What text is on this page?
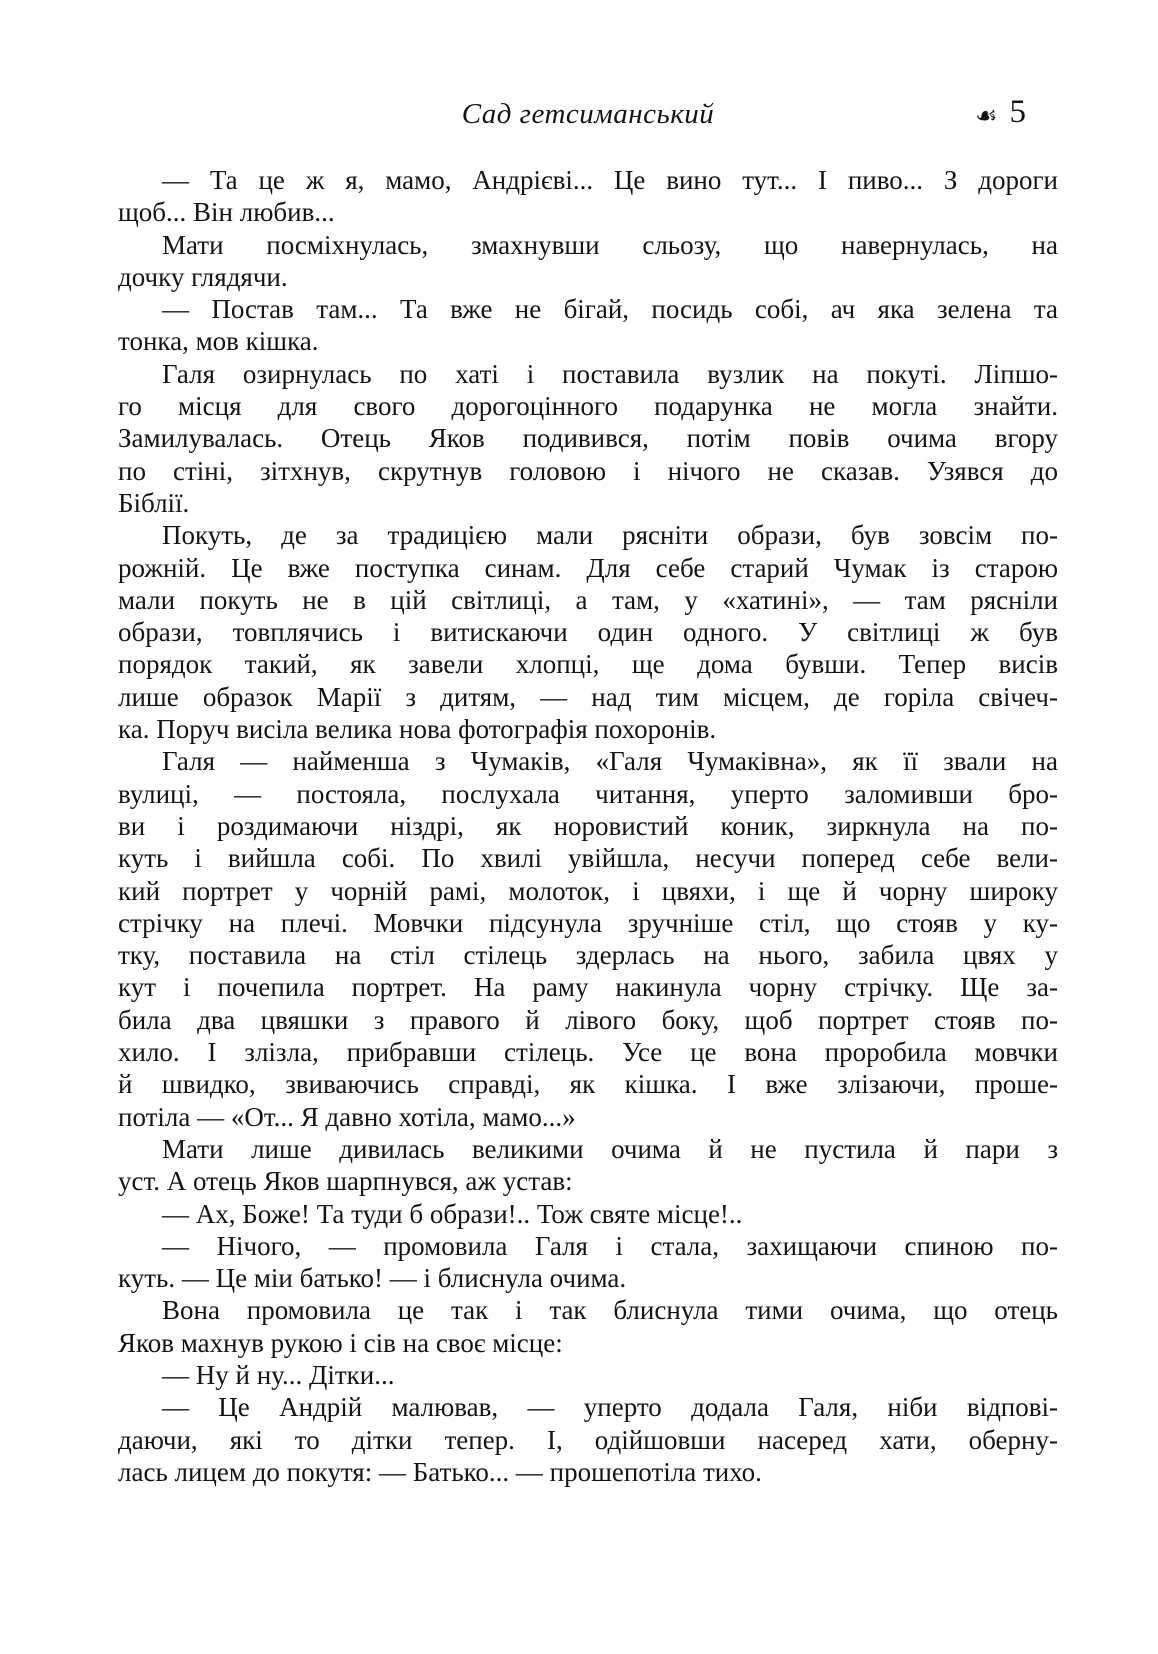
Сад гетсиманський	☙ 5
— Та це ж я, мамо, Андрієві... Це вино тут... І пиво... З дороги
щоб... Він любив...
Мати посміхнулась, змахнувши сльозу, що навернулась, на
дочку глядячи.
— Постав там... Та вже не бігай, посидь собі, ач яка зелена та
тонка, мов кішка.
Галя озирнулась по хаті і поставила вузлик на покуті. Ліпшо-
го місця для свого дорогоцінного подарунка не могла знайти.
Замилувалась. Отець Яков подивився, потім повів очима вгору
по стіні, зітхнув, скрутнув головою і нічого не сказав. Узявся до
Біблії.
Покуть, де за традицією мали рясніти образи, був зовсім по-
рожній. Це вже поступка синам. Для себе старий Чумак із старою
мали покуть не в цій світлиці, а там, у «хатині», — там рясніли
образи, товплячись і витискаючи один одного. У світлиці ж був
порядок такий, як завели хлопці, ще дома бувши. Тепер висів
лише образок Марії з дитям, — над тим місцем, де горіла свічеч-
ка. Поруч висіла велика нова фотографія похоронів.
Галя — найменша з Чумаків, «Галя Чумаківна», як її звали на
вулиці, — постояла, послухала читання, уперто заломивши бро-
ви і роздимаючи ніздрі, як норовистий коник, зиркнула на по-
куть і вийшла собі. По хвилі увійшла, несучи поперед себе вели-
кий портрет у чорній рамі, молоток, і цвяхи, і ще й чорну широку
стрічку на плечі. Мовчки підсунула зручніше стіл, що стояв у ку-
тку, поставила на стіл стілець здерлась на нього, забила цвях у
кут і почепила портрет. На раму накинула чорну стрічку. Ще за-
била два цвяшки з правого й лівого боку, щоб портрет стояв по-
хило. І злізла, прибравши стілець. Усе це вона проробила мовчки
й швидко, звиваючись справді, як кішка. І вже злізаючи, проше-
потіла — «От... Я давно хотіла, мамо...»
Мати лише дивилась великими очима й не пустила й пари з
уст. А отець Яков шарпнувся, аж устав:
— Ах, Боже! Та туди б образи!.. Тож святе місце!..
— Нічого, — промовила Галя і стала, захищаючи спиною по-
куть. — Це міи батько! — і блиснула очима.
Вона промовила це так і так блиснула тими очима, що отець
Яков махнув рукою і сів на своє місце:
— Ну й ну... Дітки...
— Це Андрій малював, — уперто додала Галя, ніби відпові-
даючи, які то дітки тепер. І, одійшовши насеред хати, оберну-
лась лицем до покутя: — Батько... — прошепотіла тихо.
